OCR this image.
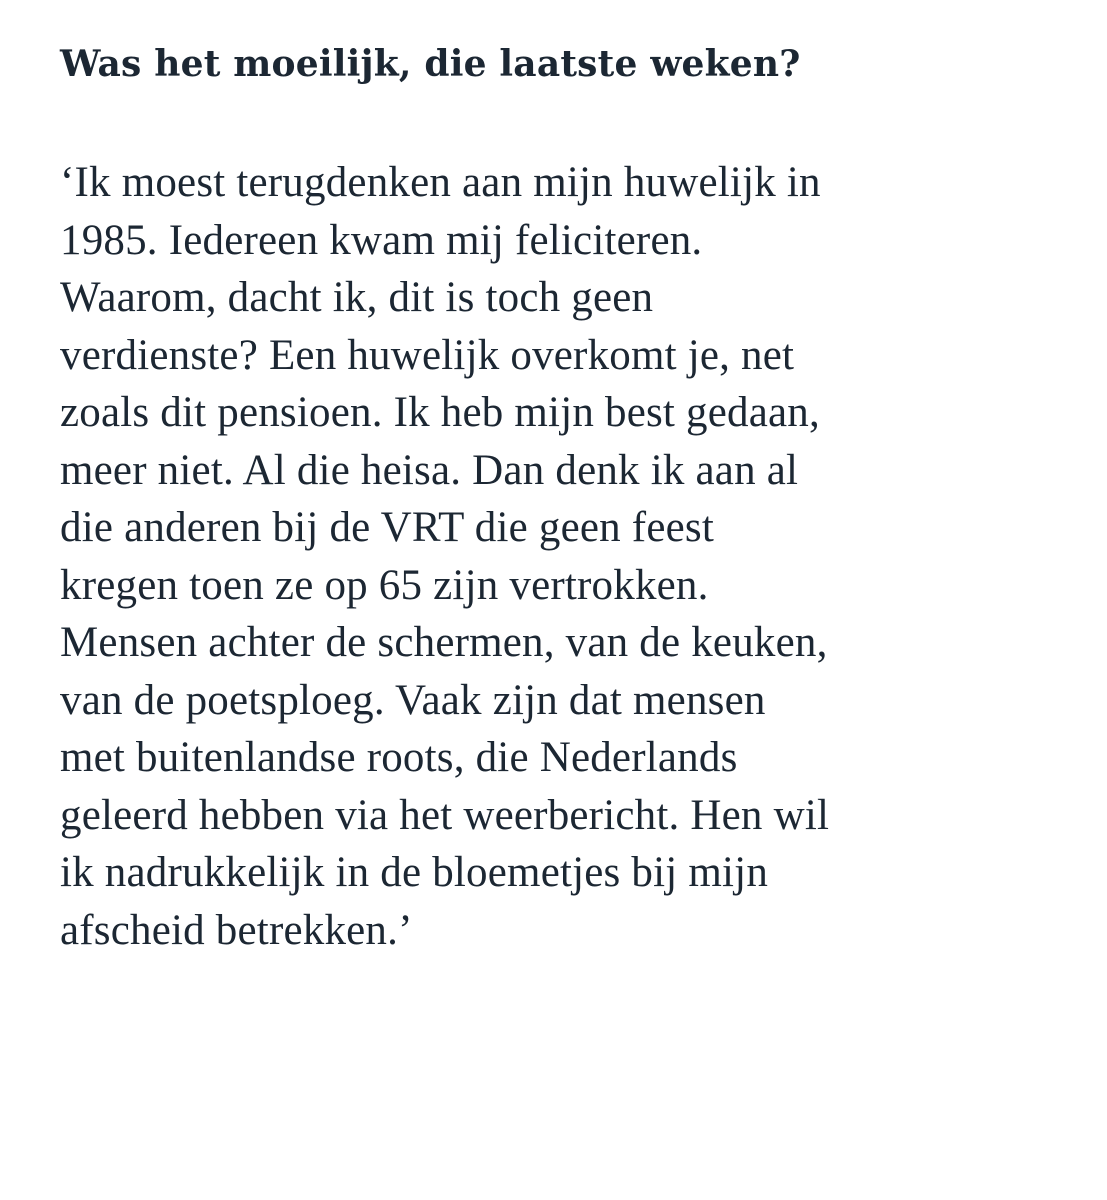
Was het moeilijk, die laatste weken?

‘Ik moest terugdenken aan mijn huwelijk in
1985. Iedereen kwam mij feliciteren.
Waarom, dacht ik, dit is toch geen
verdienste? Een huwelijk overkomt je, net
zoals dit pensioen. Ik heb mijn best gedaan,
meer niet. Al die heisa. Dan denk ik aan al
die anderen bij de VRT die geen feest
kregen toen ze op 65 zijn vertrokken.
Mensen achter de schermen, van de keuken,
van de poetsploeg. Vaak zijn dat mensen
met buitenlandse roots, die Nederlands
geleerd hebben via het weerbericht. Hen wil
ik nadrukkelijk in de bloemetjes bij mijn
afscheid betrekken.’
